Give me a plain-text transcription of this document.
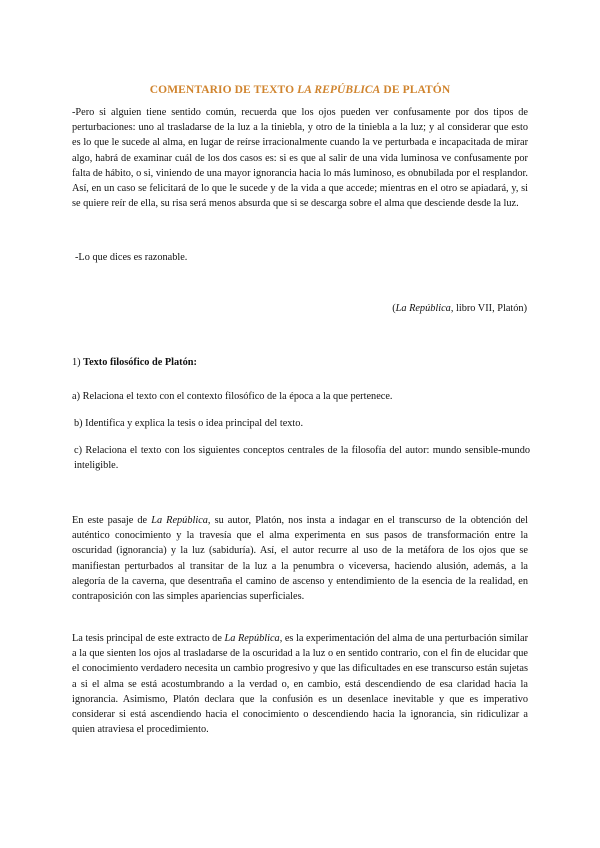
COMENTARIO DE TEXTO LA REPÚBLICA DE PLATÓN
-Pero si alguien tiene sentido común, recuerda que los ojos pueden ver confusamente por dos tipos de perturbaciones: uno al trasladarse de la luz a la tiniebla, y otro de la tiniebla a la luz; y al considerar que esto es lo que le sucede al alma, en lugar de reírse irracionalmente cuando la ve perturbada e incapacitada de mirar algo, habrá de examinar cuál de los dos casos es: si es que al salir de una vida luminosa ve confusamente por falta de hábito, o si, viniendo de una mayor ignorancia hacia lo más luminoso, es obnubilada por el resplandor. Así, en un caso se felicitará de lo que le sucede y de la vida a que accede; mientras en el otro se apiadará, y, si se quiere reír de ella, su risa será menos absurda que si se descarga sobre el alma que desciende desde la luz.
-Lo que dices es razonable.
(La República, libro VII, Platón)
1) Texto filosófico de Platón:
a) Relaciona el texto con el contexto filosófico de la época a la que pertenece.
b) Identifica y explica la tesis o idea principal del texto.
c) Relaciona el texto con los siguientes conceptos centrales de la filosofía del autor: mundo sensible-mundo inteligible.
En este pasaje de La República, su autor, Platón, nos insta a indagar en el transcurso de la obtención del auténtico conocimiento y la travesía que el alma experimenta en sus pasos de transformación entre la oscuridad (ignorancia) y la luz (sabiduría). Así, el autor recurre al uso de la metáfora de los ojos que se manifiestan perturbados al transitar de la luz a la penumbra o viceversa, haciendo alusión, además, a la alegoría de la caverna, que desentraña el camino de ascenso y entendimiento de la esencia de la realidad, en contraposición con las simples apariencias superficiales.
La tesis principal de este extracto de La República, es la experimentación del alma de una perturbación similar a la que sienten los ojos al trasladarse de la oscuridad a la luz o en sentido contrario, con el fin de elucidar que el conocimiento verdadero necesita un cambio progresivo y que las dificultades en ese transcurso están sujetas a si el alma se está acostumbrando a la verdad o, en cambio, está descendiendo de esa claridad hacia la ignorancia. Asimismo, Platón declara que la confusión es un desenlace inevitable y que es imperativo considerar si está ascendiendo hacia el conocimiento o descendiendo hacia la ignorancia, sin ridiculizar a quien atraviesa el procedimiento.
